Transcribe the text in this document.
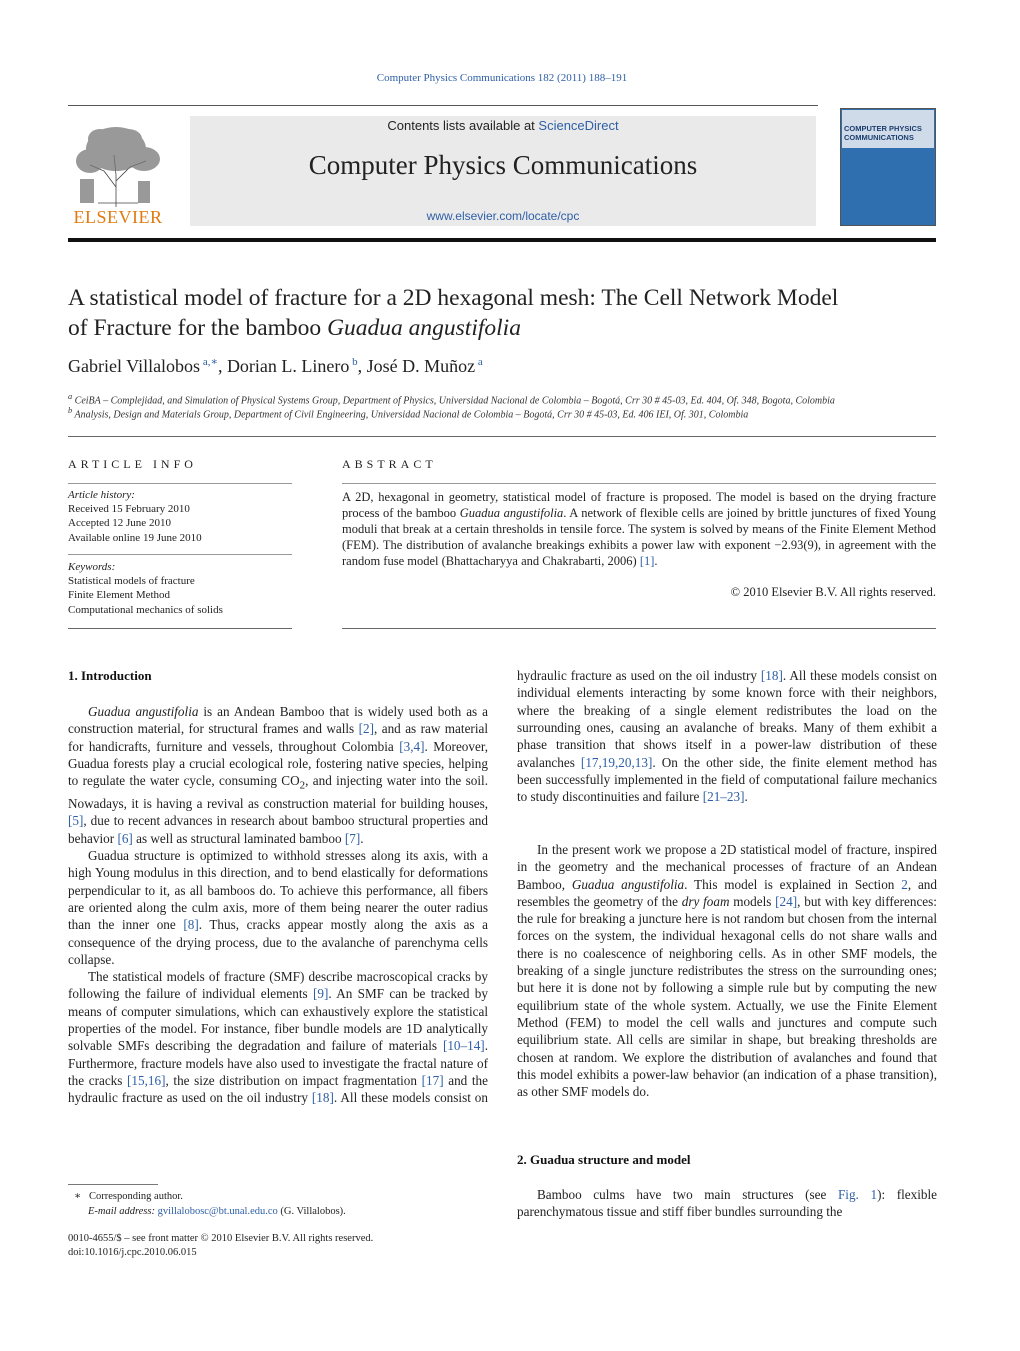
Computer Physics Communications 182 (2011) 188–191
ELSEVIER
Contents lists available at ScienceDirect
Computer Physics Communications
www.elsevier.com/locate/cpc
COMPUTER PHYSICS
COMMUNICATIONS
A statistical model of fracture for a 2D hexagonal mesh: The Cell Network Model
of Fracture for the bamboo Guadua angustifolia
Gabriel Villalobos $^{a,∗}$, Dorian L. Linero $^b$, José D. Muñoz $^a$
$^a$ CeiBA – Complejidad, and Simulation of Physical Systems Group, Department of Physics, Universidad Nacional de Colombia – Bogotá, Crr 30 # 45-03, Ed. 404, Of. 348, Bogota, Colombia
$^b$ Analysis, Design and Materials Group, Department of Civil Engineering, Universidad Nacional de Colombia – Bogotá, Crr 30 # 45-03, Ed. 406 IEI, Of. 301, Colombia
ARTICLE INFO
Article history:
Received 15 February 2010
Accepted 12 June 2010
Available online 19 June 2010
Keywords:
Statistical models of fracture
Finite Element Method
Computational mechanics of solids
ABSTRACT
A 2D, hexagonal in geometry, statistical model of fracture is proposed. The model is based on the drying fracture process of the bamboo Guadua angustifolia. A network of flexible cells are joined by brittle junctures of fixed Young moduli that break at a certain thresholds in tensile force. The system is solved by means of the Finite Element Method (FEM). The distribution of avalanche breakings exhibits a power law with exponent −2.93(9), in agreement with the random fuse model (Bhattacharyya and Chakrabarti, 2006) [1].
© 2010 Elsevier B.V. All rights reserved.
1. Introduction
Guadua angustifolia is an Andean Bamboo that is widely used both as a construction material, for structural frames and walls [2], and as raw material for handicrafts, furniture and vessels, throughout Colombia [3,4]. Moreover, Guadua forests play a crucial ecological role, fostering native species, helping to regulate the water cycle, consuming $CO_2$, and injecting water into the soil. Nowadays, it is having a revival as construction material for building houses, [5], due to recent advances in research about bamboo structural properties and behavior [6] as well as structural laminated bamboo [7].
Guadua structure is optimized to withhold stresses along its axis, with a high Young modulus in this direction, and to bend elastically for deformations perpendicular to it, as all bamboos do. To achieve this performance, all fibers are oriented along the culm axis, more of them being nearer the outer radius than the inner one [8]. Thus, cracks appear mostly along the axis as a consequence of the drying process, due to the avalanche of parenchyma cells collapse.
The statistical models of fracture (SMF) describe macroscopical cracks by following the failure of individual elements [9]. An SMF can be tracked by means of computer simulations, which can exhaustively explore the statistical properties of the model. For instance, fiber bundle models are 1D analytically solvable SMFs describing the degradation and failure of materials [10–14]. Furthermore, fracture models have also used to investigate the fractal nature of the cracks [15,16], the size distribution on impact fragmentation [17] and the hydraulic fracture as used on the oil industry [18]. All these models consist on
∗ Corresponding author.
E-mail address: gvillalobosc@bt.unal.edu.co (G. Villalobos).
0010-4655/$ – see front matter © 2010 Elsevier B.V. All rights reserved.
doi:10.1016/j.cpc.2010.06.015
hydraulic fracture as used on the oil industry [18]. All these models consist on individual elements interacting by some known force with their neighbors, where the breaking of a single element redistributes the load on the surrounding ones, causing an avalanche of breaks. Many of them exhibit a phase transition that shows itself in a power-law distribution of these avalanches [17,19,20,13]. On the other side, the finite element method has been successfully implemented in the field of computational failure mechanics to study discontinuities and failure [21–23].
In the present work we propose a 2D statistical model of fracture, inspired in the geometry and the mechanical processes of fracture of an Andean Bamboo, Guadua angustifolia. This model is explained in Section 2, and resembles the geometry of the dry foam models [24], but with key differences: the rule for breaking a juncture here is not random but chosen from the internal forces on the system, the individual hexagonal cells do not share walls and there is no coalescence of neighboring cells. As in other SMF models, the breaking of a single juncture redistributes the stress on the surrounding ones; but here it is done not by following a simple rule but by computing the new equilibrium state of the whole system. Actually, we use the Finite Element Method (FEM) to model the cell walls and junctures and compute such equilibrium state. All cells are similar in shape, but breaking thresholds are chosen at random. We explore the distribution of avalanches and found that this model exhibits a power-law behavior (an indication of a phase transition), as other SMF models do.
2. Guadua structure and model
Bamboo culms have two main structures (see Fig. 1): flexible parenchymatous tissue and stiff fiber bundles surrounding the
